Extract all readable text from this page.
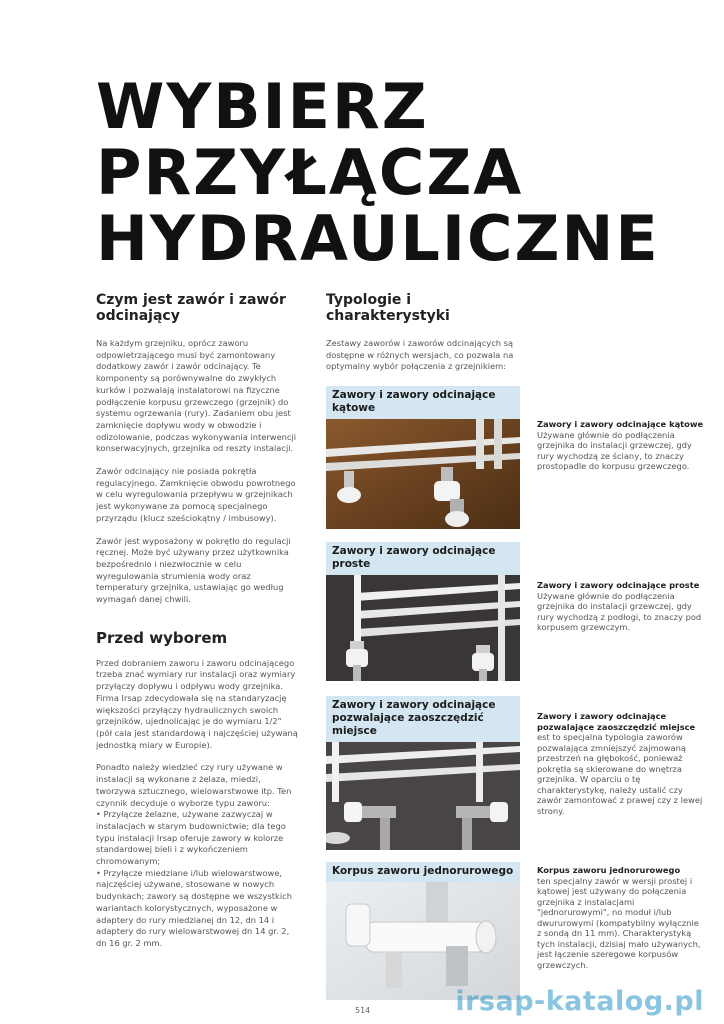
WYBIERZ
PRZYŁĄCZA
HYDRAULICZNE
Czym jest zawór i zawór odcinający

Na każdym grzejniku, oprócz zaworu odpowietrzającego musi być zamontowany dodatkowy zawór i zawór odcinający. Te komponenty są porównywalne do zwykłych kurków i pozwalają instalatorowi na fizyczne podłączenie korpusu grzewczego (grzejnik) do systemu ogrzewania (rury). Zadaniem obu jest zamknięcie dopływu wody w obwodzie i odizolowanie, podczas wykonywania interwencji konserwacyjnych, grzejnika od reszty instalacji.

Zawór odcinający nie posiada pokrętła regulacyjnego. Zamknięcie obwodu powrotnego w celu wyregulowania przepływu w grzejnikach jest wykonywane za pomocą specjalnego przyrządu (klucz sześciokątny / imbusowy).

Zawór jest wyposażony w pokrętło do regulacji ręcznej. Może być używany przez użytkownika bezpośrednio i niezwłocznie w celu wyregulowania strumienia wody oraz temperatury grzejnika, ustawiając go według wymagań danej chwili.

Przed wyborem

Przed dobraniem zaworu i zaworu odcinającego trzeba znać wymiary rur instalacji oraz wymiary przyłączy dopływu i odpływu wody grzejnika. Firma Irsap zdecydowała się na standaryzację większości przyłączy hydraulicznych swoich grzejników, ujednolicając je do wymiaru 1/2" (pół cala jest standardową i najczęściej używaną jednostką miary w Europie).

Ponadto należy wiedzieć czy rury używane w instalacji są wykonane z żelaza, miedzi, tworzywa sztucznego, wielowarstwowe itp. Ten czynnik decyduje o wyborze typu zaworu:

• Przyłącze żelazne, używane zazwyczaj w instalacjach w starym budownictwie; dla tego typu instalacji Irsap oferuje zawory w kolorze standardowej bieli i z wykończeniem chromowanym;

• Przyłącze miedziane i/lub wielowarstwowe, najczęściej używane, stosowane w nowych budynkach; zawory są dostępne we wszystkich wariantach kolorystycznych, wyposażone w adaptery do rury miedzianej dn 12, dn 14 i adaptery do rury wielowarstwowej dn 14 gr. 2, dn 16 gr. 2 mm.

Typologie i charakterystyki

Zestawy zaworów i zaworów odcinających są dostępne w różnych wersjach, co pozwala na optymalny wybór połączenia z grzejnikiem:

Zawory i zawory odcinające kątowe
Zawory i zawory odcinające proste
Zawory i zawory odcinające pozwalające zaoszczędzić miejsce
Korpus zaworu jednorurowego
Zawory i zawory odcinające kątowe
Używane głównie do podłączenia grzejnika do instalacji grzewczej, gdy rury wychodzą ze ściany, to znaczy prostopadle do korpusu grzewczego.
Zawory i zawory odcinające proste
Używane głównie do podłączenia grzejnika do instalacji grzewczej, gdy rury wychodzą z podłogi, to znaczy pod korpusem grzewczym.
Zawory i zawory odcinające pozwalające zaoszczędzić miejsce
est to specjalna typologia zaworów pozwalająca zmniejszyć zajmowaną przestrzeń na głębokość, ponieważ pokrętła są skierowane do wnętrza grzejnika. W oparciu o tę charakterystykę, należy ustalić czy zawór zamontować z prawej czy z lewej strony.
Korpus zaworu jednorurowego
ten specjalny zawór w wersji prostej i kątowej jest używany do połączenia grzejnika z instalacjami "jednorurowymi", no moduł i/lub dwururowymi (kompatybilny wyłącznie z sondą dn 11 mm). Charakterystyką tych instalacji, dzisiaj mało używanych, jest łączenie szeregowe korpusów grzewczych.
514	irsap-katalog.pl
